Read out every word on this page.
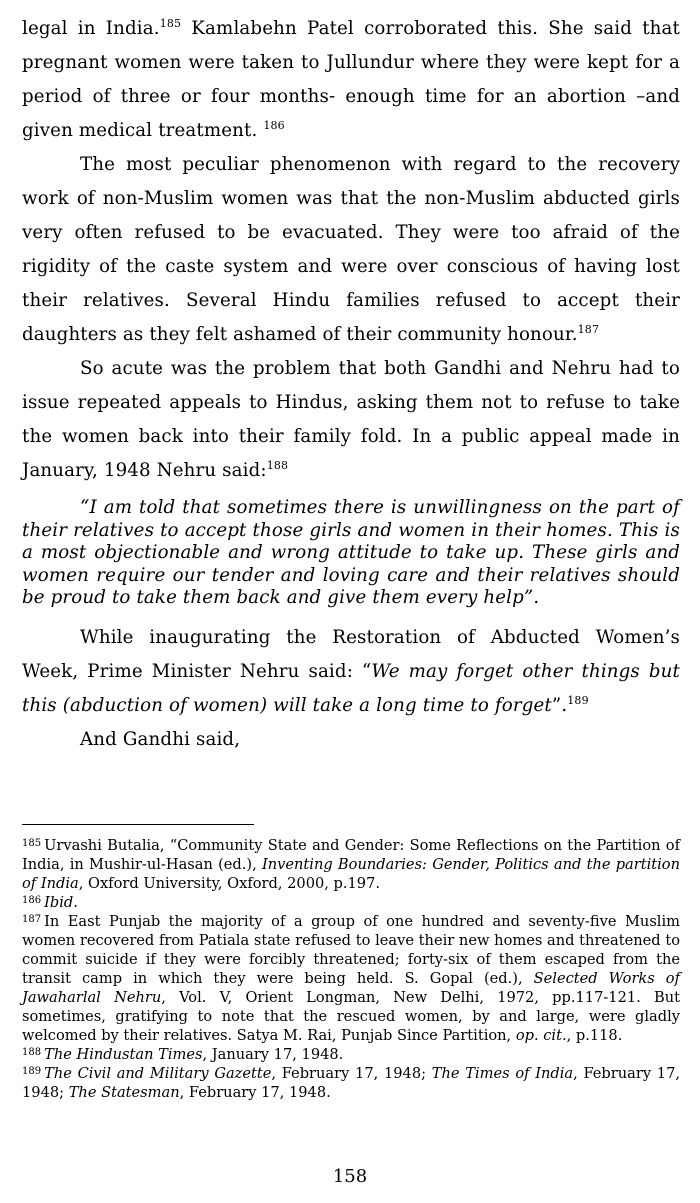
legal in India.$^{185}$ Kamlabehn Patel corroborated this. She said that pregnant women were taken to Jullundur where they were kept for a period of three or four months- enough time for an abortion –and given medical treatment. $^{186}$

The most peculiar phenomenon with regard to the recovery work of non-Muslim women was that the non-Muslim abducted girls very often refused to be evacuated. They were too afraid of the rigidity of the caste system and were over conscious of having lost their relatives. Several Hindu families refused to accept their daughters as they felt ashamed of their community honour.$^{187}$

So acute was the problem that both Gandhi and Nehru had to issue repeated appeals to Hindus, asking them not to refuse to take the women back into their family fold. In a public appeal made in January, 1948 Nehru said:$^{188}$

“I am told that sometimes there is unwillingness on the part of their relatives to accept those girls and women in their homes. This is a most objectionable and wrong attitude to take up. These girls and women require our tender and loving care and their relatives should be proud to take them back and give them every help”.

While inaugurating the Restoration of Abducted Women’s Week, Prime Minister Nehru said: “We may forget other things but this (abduction of women) will take a long time to forget”.$^{189}$

And Gandhi said,

$^{185}$ Urvashi Butalia, “Community State and Gender: Some Reflections on the Partition of India, in Mushir-ul-Hasan (ed.), Inventing Boundaries: Gender, Politics and the partition of India, Oxford University, Oxford, 2000, p.197.

$^{186}$ Ibid.

$^{187}$ In East Punjab the majority of a group of one hundred and seventy-five Muslim women recovered from Patiala state refused to leave their new homes and threatened to commit suicide if they were forcibly threatened; forty-six of them escaped from the transit camp in which they were being held. S. Gopal (ed.), Selected Works of Jawaharlal Nehru, Vol. V, Orient Longman, New Delhi, 1972, pp.117-121. But sometimes, gratifying to note that the rescued women, by and large, were gladly welcomed by their relatives. Satya M. Rai, Punjab Since Partition, op. cit., p.118.

$^{188}$ The Hindustan Times, January 17, 1948.

$^{189}$ The Civil and Military Gazette, February 17, 1948; The Times of India, February 17, 1948; The Statesman, February 17, 1948.

158
